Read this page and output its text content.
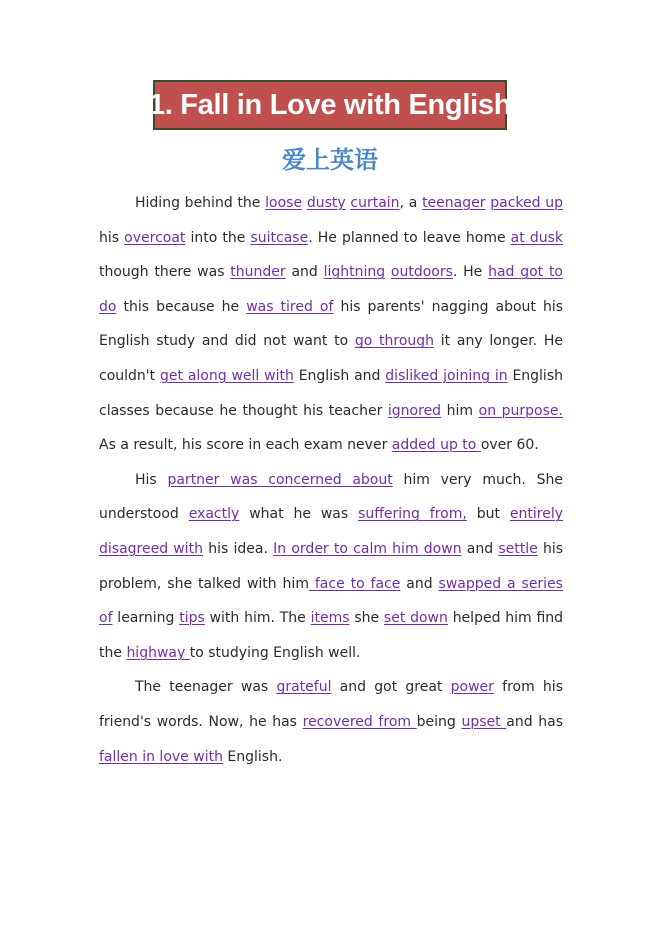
1. Fall in Love with English
爱上英语

Hiding behind the loose dusty curtain, a teenager packed up his overcoat into the suitcase. He planned to leave home at dusk though there was thunder and lightning outdoors. He had got to do this because he was tired of his parents' nagging about his English study and did not want to go through it any longer. He couldn't get along well with English and disliked joining in English classes because he thought his teacher ignored him on purpose. As a result, his score in each exam never added up to over 60.

His partner was concerned about him very much. She understood exactly what he was suffering from, but entirely disagreed with his idea. In order to calm him down and settle his problem, she talked with him face to face and swapped a series of learning tips with him. The items she set down helped him find the highway to studying English well.

The teenager was grateful and got great power from his friend's words. Now, he has recovered from being upset and has fallen in love with English.
